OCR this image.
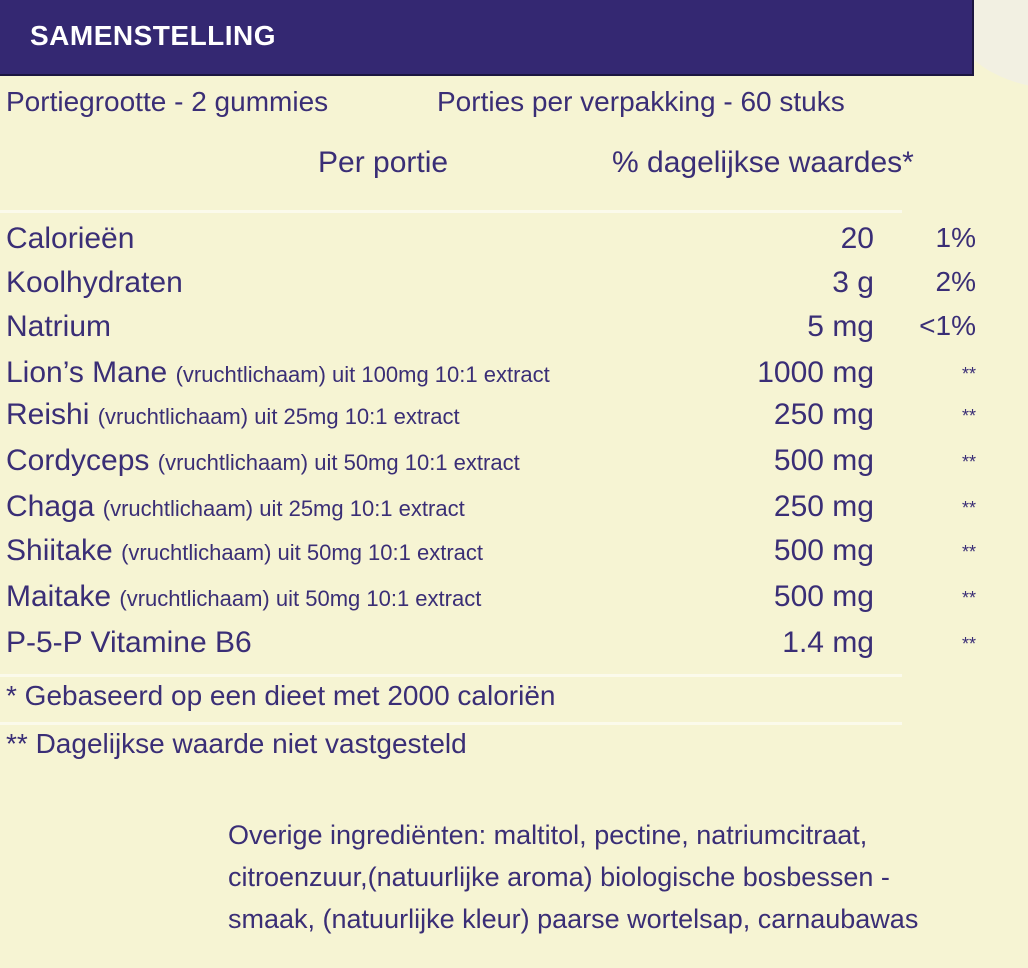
SAMENSTELLING
Portiegrootte - 2 gummies	Porties per verpakking - 60 stuks
Per portie	% dagelijkse waardes*
Calorieën	20 1%
Koolhydraten	3 g 2%
Natrium	5 mg <1%
Lion’s Mane (vruchtlichaam) uit 100mg 10:1 extract	1000 mg	**
Reishi (vruchtlichaam) uit 25mg 10:1 extract	250 mg	**
Cordyceps (vruchtlichaam) uit 50mg 10:1 extract	500 mg	**
Chaga (vruchtlichaam) uit 25mg 10:1 extract	250 mg	**
Shiitake (vruchtlichaam) uit 50mg 10:1 extract	500 mg	**
Maitake (vruchtlichaam) uit 50mg 10:1 extract	500 mg	**
P-5-P Vitamine B6	1.4 mg	**
* Gebaseerd op een dieet met 2000 caloriën
** Dagelijkse waarde niet vastgesteld
Overige ingrediënten: maltitol, pectine, natriumcitraat,
citroenzuur,(natuurlijke aroma) biologische bosbessen -
smaak, (natuurlijke kleur) paarse wortelsap, carnaubawas
